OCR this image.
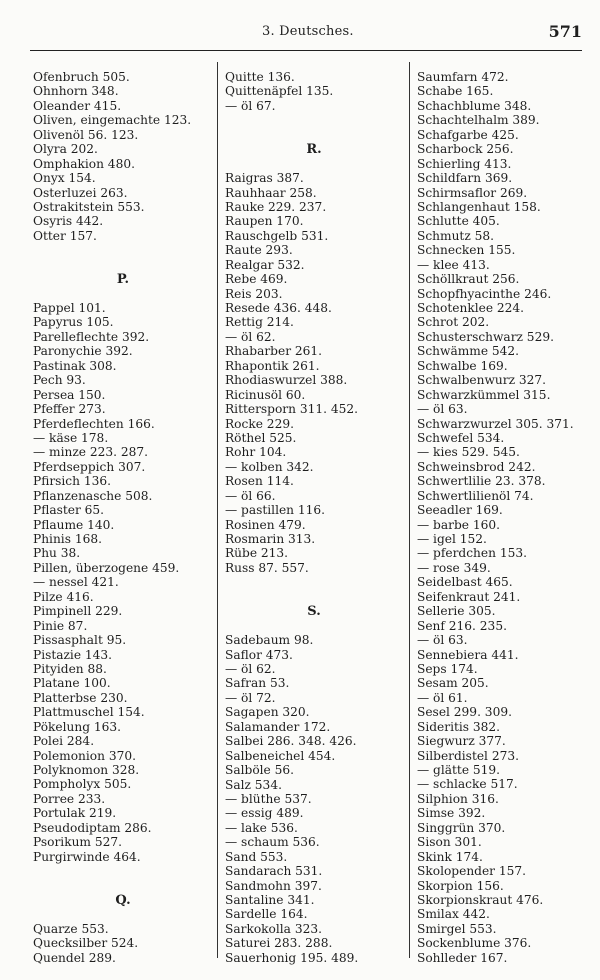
3. Deutsches.	571
Ofenbruch 505.
Ohnhorn 348.
Oleander 415.
Oliven, eingemachte 123.
Olivenöl 56. 123.
Olyra 202.
Omphakion 480.
Onyx 154.
Osterluzei 263.
Ostrakitstein 553.
Osyris 442.
Otter 157.
P.
Pappel 101.
Papyrus 105.
Parelleflechte 392.
Paronychie 392.
Pastinak 308.
Pech 93.
Persea 150.
Pfeffer 273.
Pferdeflechten 166.
— käse 178.
— minze 223. 287.
Pferdseppich 307.
Pfirsich 136.
Pflanzenasche 508.
Pflaster 65.
Pflaume 140.
Phinis 168.
Phu 38.
Pillen, überzogene 459.
— nessel 421.
Pilze 416.
Pimpinell 229.
Pinie 87.
Pissasphalt 95.
Pistazie 143.
Pityiden 88.
Platane 100.
Platterbse 230.
Plattmuschel 154.
Pökelung 163.
Polei 284.
Polemonion 370.
Polyknomon 328.
Pompholyx 505.
Porree 233.
Portulak 219.
Pseudodiptam 286.
Psorikum 527.
Purgirwinde 464.
Q.
Quarze 553.
Quecksilber 524.
Quendel 289.
Quitte 136.
Quittenäpfel 135.
— öl 67.
R.
Raigras 387.
Rauhhaar 258.
Rauke 229. 237.
Raupen 170.
Rauschgelb 531.
Raute 293.
Realgar 532.
Rebe 469.
Reis 203.
Resede 436. 448.
Rettig 214.
— öl 62.
Rhabarber 261.
Rhapontik 261.
Rhodiaswurzel 388.
Ricinusöl 60.
Rittersporn 311. 452.
Rocke 229.
Röthel 525.
Rohr 104.
— kolben 342.
Rosen 114.
— öl 66.
— pastillen 116.
Rosinen 479.
Rosmarin 313.
Rübe 213.
Russ 87. 557.
S.
Sadebaum 98.
Saflor 473.
— öl 62.
Safran 53.
— öl 72.
Sagapen 320.
Salamander 172.
Salbei 286. 348. 426.
Salbeneichel 454.
Salböle 56.
Salz 534.
— blüthe 537.
— essig 489.
— lake 536.
— schaum 536.
Sand 553.
Sandarach 531.
Sandmohn 397.
Santaline 341.
Sardelle 164.
Sarkokolla 323.
Saturei 283. 288.
Sauerhonig 195. 489.
Saumfarn 472.
Schabe 165.
Schachblume 348.
Schachtelhalm 389.
Schafgarbe 425.
Scharbock 256.
Schierling 413.
Schildfarn 369.
Schirmsaflor 269.
Schlangenhaut 158.
Schlutte 405.
Schmutz 58.
Schnecken 155.
— klee 413.
Schöllkraut 256.
Schopfhyacinthe 246.
Schotenklee 224.
Schrot 202.
Schusterschwarz 529.
Schwämme 542.
Schwalbe 169.
Schwalbenwurz 327.
Schwarzkümmel 315.
— öl 63.
Schwarzwurzel 305. 371.
Schwefel 534.
— kies 529. 545.
Schweinsbrod 242.
Schwertlilie 23. 378.
Schwertlilienöl 74.
Seeadler 169.
— barbe 160.
— igel 152.
— pferdchen 153.
— rose 349.
Seidelbast 465.
Seifenkraut 241.
Sellerie 305.
Senf 216. 235.
— öl 63.
Sennebiera 441.
Seps 174.
Sesam 205.
— öl 61.
Sesel 299. 309.
Sideritis 382.
Siegwurz 377.
Silberdistel 273.
— glätte 519.
— schlacke 517.
Silphion 316.
Simse 392.
Singgrün 370.
Sison 301.
Skink 174.
Skolopender 157.
Skorpion 156.
Skorpionskraut 476.
Smilax 442.
Smirgel 553.
Sockenblume 376.
Sohlleder 167.
